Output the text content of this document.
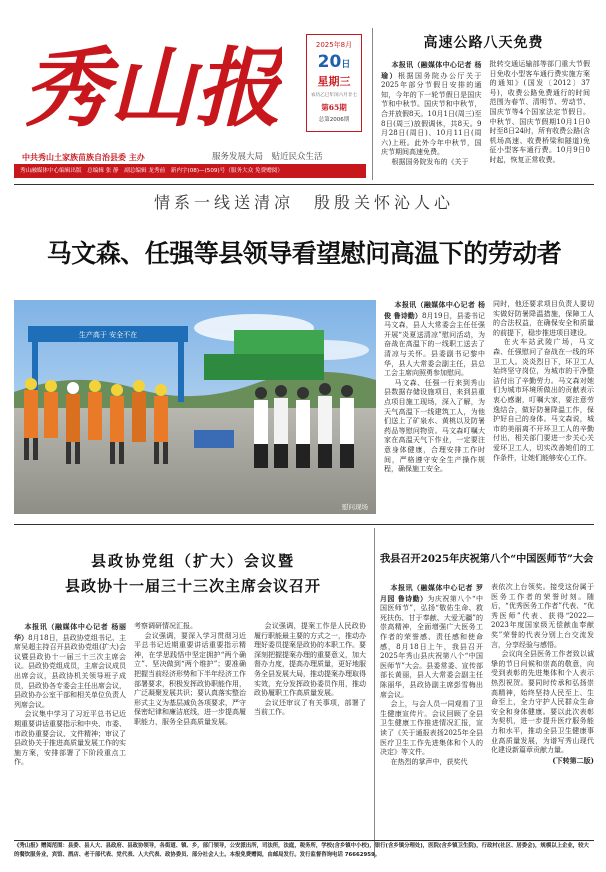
秀山报	2025年8月
20日
星期三
农历乙巳年闰六月廿七
第65期
总第2006期
中共秀山土家族苗族自治县委 主办	服务发展大局　贴近民众生活
秀山融媒体中心编辑出版　总编辑 张 静　副总编辑 龙秀前　新内字(08)—(509)号（服务大众 免费赠阅）
高速公路八天免费

本报讯（融媒体中心记者 杨瑜）根据国务院办公厅关于2025年部分节假日安排的通知，今年的下一轮节假日是国庆节和中秋节。国庆节和中秋节，合并放假8天。10月1日(周三)至8日(周三)放假调休，共8天。9月28日(周日)、10月11日(周六)上班。此外今年中秋节，国庆节期间高速免费。

根据国务院发布的《关于

批转交通运输部等部门重大节假日免收小型客车通行费实施方案的通知》(国发〔2012〕37号)，收费公路免费通行的时间范围为春节、清明节、劳动节、国庆节等4个国家法定节假日。中秋节、国庆节假期10月1日0时至8日24时，所有收费公路(含机场高速、收费桥梁和隧道)免征小型客车通行费。10月9日0时起，恢复正常收费。

情系一线送清凉　殷殷关怀沁人心
马文森、任强等县领导看望慰问高温下的劳动者
生产高于 安全不在
慰问现场

本报讯（融媒体中心记者 杨俊 鲁诗勤）8月19日，县委书记马文森，县人大常委会主任任强开展“炎夏送清凉”慰问活动，为奋战在高温下的一线职工送去了清凉与关怀。县委副书记黎中华，县人大常委会副主任，县总工会主席向照勇参加慰问。

马文森、任强一行来到秀山县数据存储设施项目，来到县重点项目施工现场，深入了解，为天气高温下一线建筑工人，为他们送上了矿泉水、黄桃以及防暑药品等慰问物资。马文森叮嘱大家在高温天气下作业，一定要注意身体健康，合理安排工作时间，严格遵守安全生产操作规程，确保施工安全。

同时，他还要求项目负责人要切实做好防暑降温措施，保障工人的合法权益，在确保安全和质量的前提下，稳步推进项目建设。

在火车站武陵广场，马文森、任强慰问了奋战在一线的环卫工人。炎炎烈日下，环卫工人始终坚守岗位，为城市的干净整洁付出了辛勤劳力。马文森对她们为城市环境所做出的贡献表示衷心感谢，叮嘱大家，要注意劳逸结合，做好防暑降温工作，保护好自己的身体。马文森说，城市的美丽离不开环卫工人的辛勤付出，相关部门要进一步关心关爱环卫工人，切实改善她们的工作条件，让她们能够安心工作。

县政协党组（扩大）会议暨
县政协十一届三十三次主席会议召开

本报讯（融媒体中心记者 杨丽华）8月18日，县政协党组书记、主席吴超主持召开县政协党组(扩大)会议暨县政协十一届三十三次主席会议。县政协党组成员，主席会议成员出席会议，县政协机关领导班子成员，县政协各专委会主任出席会议，县政协办公室干部和相关单位负责人列席会议。

会议集中学习了习近平总书记近期重要讲话重要指示和中央、市委、市政协重要会议、文件精神；审议了县政协关于推进高质量发展工作的实施方案，安排部署了下阶段重点工作。

考察调研情况汇报。

会议强调，要深入学习贯彻习近平总书记近期重要讲话重要指示精神，在学思践悟中坚定拥护“两个确立”、坚决做到“两个维护”；要准确把握当前经济形势和下半年经济工作部署要求，积极发挥政协职能作用，广泛凝聚发展共识；要认真落实整治形式主义为基层减负各项要求，严守保密纪律和廉洁底线，进一步提高履职能力，服务全县高质量发展。

会议强调，提案工作是人民政协履行职能最主要的方式之一，推动办理好委员提案是政协的本职工作。要深刻把握提案办理的重要意义，加大督办力度，提高办理质量，更好地服务全县发展大局，推动提案办理取得实效，充分发挥政协委员作用，推动政协履职工作高质量发展。

会议还审议了有关事项，部署了当前工作。

我县召开2025年庆祝第八个“中国医师节”大会

本报讯（融媒体中心记者 罗月园 鲁诗勤）为庆祝第八个“中国医师节”，弘扬“敬佑生命、救死扶伤、甘于奉献、大爱无疆”的崇高精神，全面增强广大医务工作者的荣誉感、责任感和使命感，8月18日上午，我县召开2025年秀山县庆祝第八个“中国医师节”大会。县委常委、宣传部部长黄丽，县人大常委会副主任陈丽华，县政协副主席彭雪梅出席会议。

会上，与会人员一同观看了卫生健康宣传片。会议回顾了全县卫生健康工作推进情况汇报，宣读了《关于通报表扬2025年全县医疗卫生工作先进集体和个人的决定》等文件。

在热烈的掌声中，获奖代

表依次上台领奖。接受这份属于医务工作者的荣誉时刻。随后，“优秀医务工作者”代表、“优秀医师”代表、获得“2022—2023年度国家级无偿献血奉献奖”荣誉的代表分别上台交流发言，分享经验与感悟。

会议向全县医务工作者致以诚挚的节日问候和崇高的敬意，向受到表彰的先进集体和个人表示热烈祝贺。要同时传承和弘扬崇高精神，始终坚持人民至上、生命至上，全力守护人民群众生命安全和身体健康。要以此次表彰为契机，进一步提升医疗服务能力和水平，推动全县卫生健康事业高质量发展，为谱写秀山现代化建设新篇章贡献力量。

(下转第二版)

《秀山报》赠阅范围：县委、县人大、县政府、县政协领导，各街道、镇、乡，部门领导，公安派出所，司法所，法庭，税务所，学校(含乡镇中小校)，银行(含乡镇分理处)，医院(含乡镇卫生院)，行政村(社区、居委会)，规模以上企业，较大的餐饮服务业，宾馆、酒店、老干部代表、党代表、人大代表、政协委员、部分社会人士。本报免费赠阅，由邮局发行。发行监督咨询电话 76662959。
